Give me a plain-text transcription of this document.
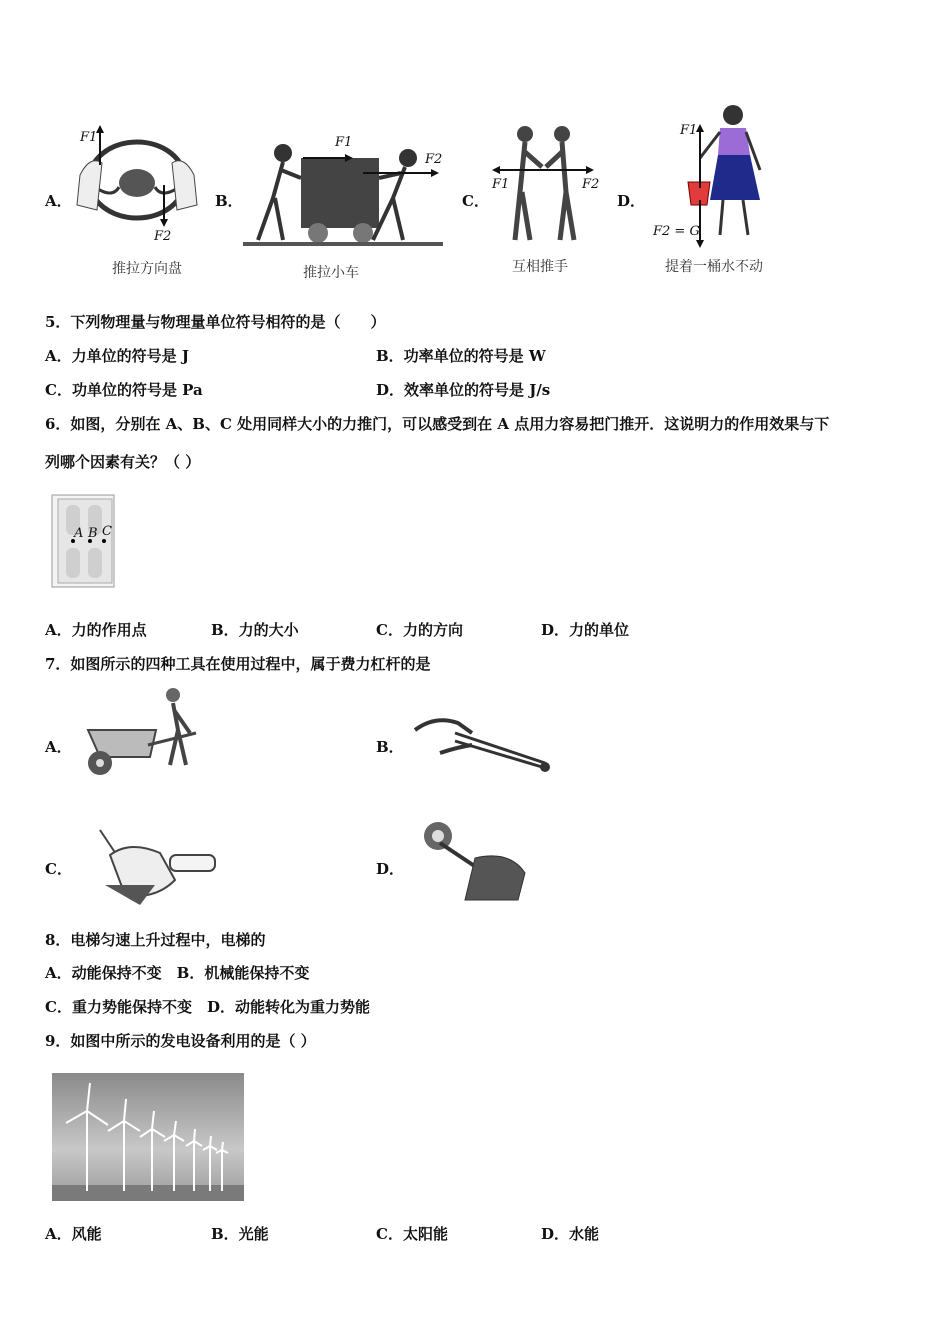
A．
F1
F2
推拉方向盘
B．
F1
F2
推拉小车
C．
F1	F2
互相推手
D．
F1
F2 = G
提着一桶水不动
5．下列物理量与物理量单位符号相符的是（　　）
A．力单位的符号是 J	B．功率单位的符号是 W
C．功单位的符号是 Pa	D．效率单位的符号是 J/s
6．如图，分别在 A、B、C 处用同样大小的力推门，可以感受到在 A 点用力容易把门推开．这说明力的作用效果与下
列哪个因素有关？（ ）
A B C
A．力的作用点	B．力的大小	C．力的方向	D．力的单位
7．如图所示的四种工具在使用过程中，属于费力杠杆的是
A．	B．
C．	D．
8．电梯匀速上升过程中，电梯的
A．动能保持不变　B．机械能保持不变
C．重力势能保持不变　D．动能转化为重力势能
9．如图中所示的发电设备利用的是（ ）
A．风能	B．光能	C．太阳能	D．水能
